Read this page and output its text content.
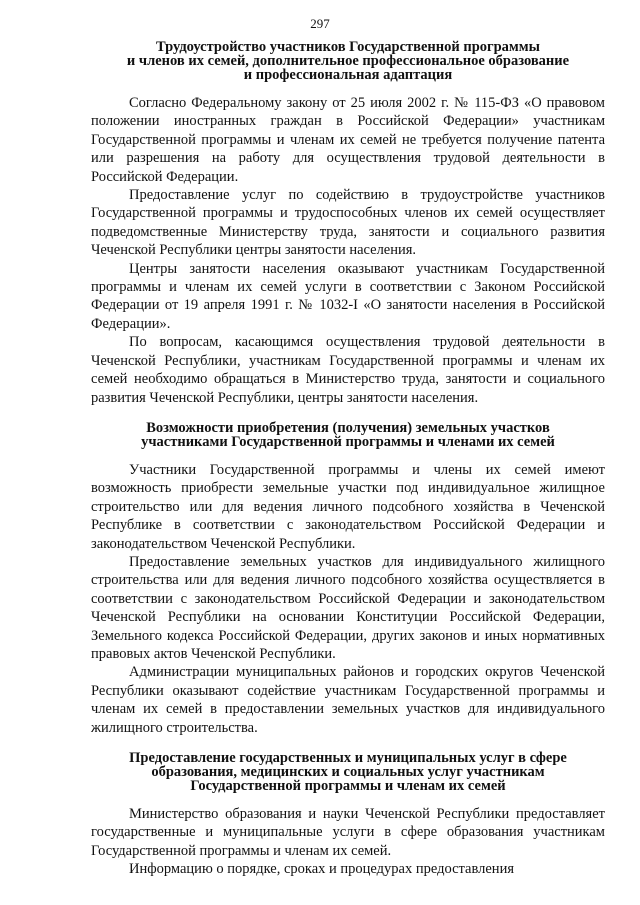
297
Трудоустройство участников Государственной программы
и членов их семей, дополнительное профессиональное образование
и профессиональная адаптация

Согласно Федеральному закону от 25 июля 2002 г. № 115-ФЗ «О правовом положении иностранных граждан в Российской Федерации» участникам Государственной программы и членам их семей не требуется получение патента или разрешения на работу для осуществления трудовой деятельности в Российской Федерации.

Предоставление услуг по содействию в трудоустройстве участников Государственной программы и трудоспособных членов их семей осуществляет подведомственные Министерству труда, занятости и социального развития Чеченской Республики центры занятости населения.

Центры занятости населения оказывают участникам Государственной программы и членам их семей услуги в соответствии с Законом Российской Федерации от 19 апреля 1991 г. № 1032-I «О занятости населения в Российской Федерации».

По вопросам, касающимся осуществления трудовой деятельности в Чеченской Республики, участникам Государственной программы и членам их семей необходимо обращаться в Министерство труда, занятости и социального развития Чеченской Республики, центры занятости населения.

Возможности приобретения (получения) земельных участков
участниками Государственной программы и членами их семей

Участники Государственной программы и члены их семей имеют возможность приобрести земельные участки под индивидуальное жилищное строительство или для ведения личного подсобного хозяйства в Чеченской Республике в соответствии с законодательством Российской Федерации и законодательством Чеченской Республики.

Предоставление земельных участков для индивидуального жилищного строительства или для ведения личного подсобного хозяйства осуществляется в соответствии с законодательством Российской Федерации и законодательством Чеченской Республики на основании Конституции Российской Федерации, Земельного кодекса Российской Федерации, других законов и иных нормативных правовых актов Чеченской Республики.

Администрации муниципальных районов и городских округов Чеченской Республики оказывают содействие участникам Государственной программы и членам их семей в предоставлении земельных участков для индивидуального жилищного строительства.

Предоставление государственных и муниципальных услуг в сфере
образования, медицинских и социальных услуг участникам
Государственной программы и членам их семей

Министерство образования и науки Чеченской Республики предоставляет государственные и муниципальные услуги в сфере образования участникам Государственной программы и членам их семей.

Информацию о порядке, сроках и процедурах предоставления
